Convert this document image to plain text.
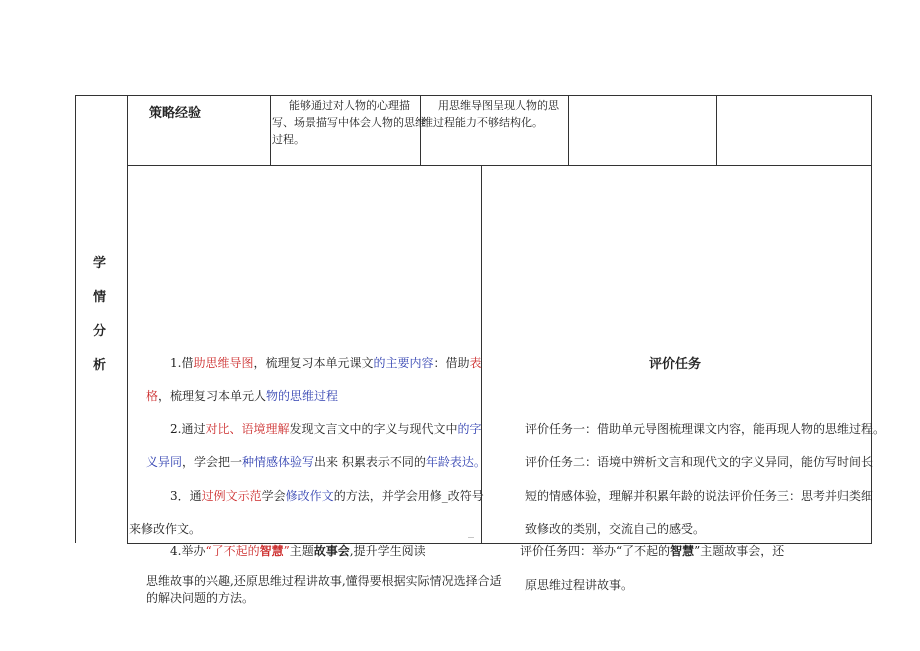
学
情
分
析
策略经验
能够通过对人物的心理描
写、场景描写中体会人物的思维
过程。
用思维导图呈现人物的思
维过程能力不够结构化。
1.借助思维导图，梳理复习本单元课文的主要内容：借助表
格，梳理复习本单元人物的思维过程
2.通过对比、语境理解发现文言文中的字义与现代文中的字
义异同，学会把一种情感体验写出来 积累表示不同的年龄表达。
3．通过例文示范学会修改作文的方法，并学会用修_改符号
来修改作文。	_
4.举办“了不起的智慧”主题故事会,提升学生阅读
思维故事的兴趣,还原思维过程讲故事,懂得要根据实际情况选择合适
的解决问题的方法。
评价任务
评价任务一：借助单元导图梳理课文内容，能再现人物的思维过程。
评价任务二：语境中辨析文言和现代文的字义异同，能仿写时间长
短的情感体验，理解并积累年龄的说法评价任务三：思考并归类细
致修改的类别，交流自己的感受。
评价任务四：举办“了不起的智慧”主题故事会，还
原思维过程讲故事。
